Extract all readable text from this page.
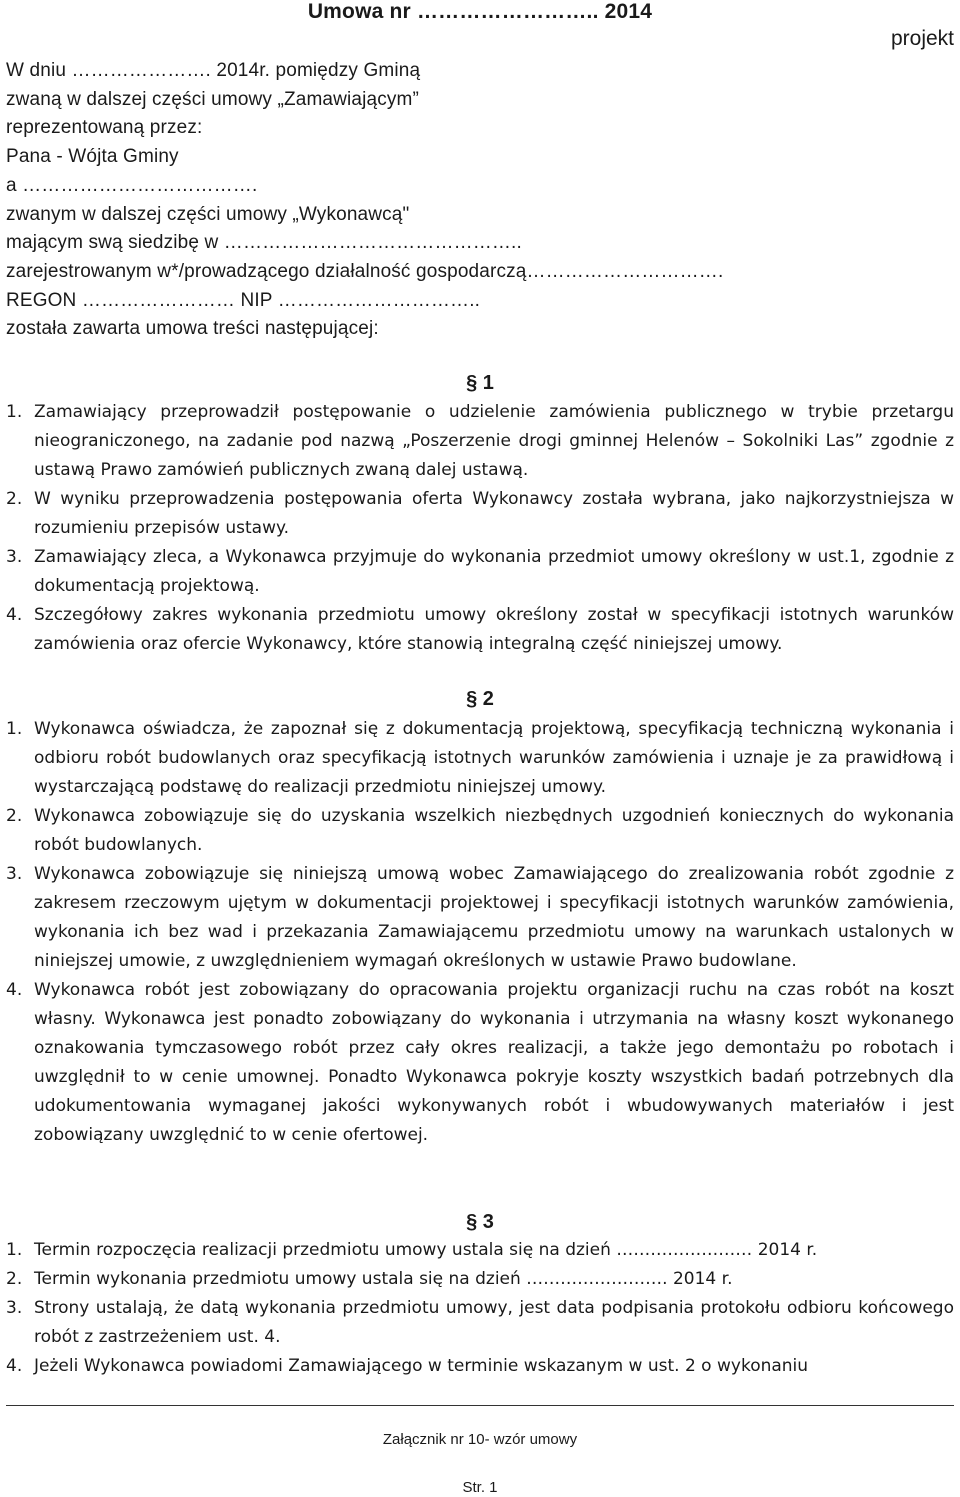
Umowa nr …………………….. 2014
projekt
W dniu …………………. 2014r. pomiędzy Gminą
zwaną w dalszej części umowy „Zamawiającym”
reprezentowaną przez:
Pana - Wójta Gminy
a ……………………………….
zwanym w dalszej części umowy „Wykonawcą"
mającym swą siedzibę w ………………………………………..
zarejestrowanym w*/prowadzącego działalność gospodarczą………………………….
REGON …………………… NIP …………………………..
została zawarta umowa treści następującej:
§ 1
1. Zamawiający przeprowadził postępowanie o udzielenie zamówienia publicznego w trybie przetargu nieograniczonego, na zadanie pod nazwą „Poszerzenie drogi gminnej Helenów – Sokolniki Las” zgodnie z ustawą Prawo zamówień publicznych zwaną dalej ustawą.
2. W wyniku przeprowadzenia postępowania oferta Wykonawcy została wybrana, jako najkorzystniejsza w rozumieniu przepisów ustawy.
3. Zamawiający zleca, a Wykonawca przyjmuje do wykonania przedmiot umowy określony w ust.1, zgodnie z dokumentacją projektową.
4. Szczegółowy zakres wykonania przedmiotu umowy określony został w specyfikacji istotnych warunków zamówienia oraz ofercie Wykonawcy, które stanowią integralną część niniejszej umowy.
§ 2
1. Wykonawca oświadcza, że zapoznał się z dokumentacją projektową, specyfikacją techniczną wykonania i odbioru robót budowlanych oraz specyfikacją istotnych warunków zamówienia i uznaje je za prawidłową i wystarczającą podstawę do realizacji przedmiotu niniejszej umowy.
2. Wykonawca zobowiązuje się do uzyskania wszelkich niezbędnych uzgodnień koniecznych do wykonania robót budowlanych.
3. Wykonawca zobowiązuje się niniejszą umową wobec Zamawiającego do zrealizowania robót zgodnie z zakresem rzeczowym ujętym w dokumentacji projektowej i specyfikacji istotnych warunków zamówienia, wykonania ich bez wad i przekazania Zamawiającemu przedmiotu umowy na warunkach ustalonych w niniejszej umowie, z uwzględnieniem wymagań określonych w ustawie Prawo budowlane.
4. Wykonawca robót jest zobowiązany do opracowania projektu organizacji ruchu na czas robót na koszt własny. Wykonawca jest ponadto zobowiązany do wykonania i utrzymania na własny koszt wykonanego oznakowania tymczasowego robót przez cały okres realizacji, a także jego demontażu po robotach i uwzględnił to w cenie umownej. Ponadto Wykonawca pokryje koszty wszystkich badań potrzebnych dla udokumentowania wymaganej jakości wykonywanych robót i wbudowywanych materiałów i jest zobowiązany uwzględnić to w cenie ofertowej.
§ 3
1. Termin rozpoczęcia realizacji przedmiotu umowy ustala się na dzień …………………… 2014 r.
2. Termin wykonania przedmiotu umowy ustala się na dzień ……………………. 2014 r.
3. Strony ustalają, że datą wykonania przedmiotu umowy, jest data podpisania protokołu odbioru końcowego robót z zastrzeżeniem ust. 4.
4. Jeżeli Wykonawca powiadomi Zamawiającego w terminie wskazanym w ust. 2 o wykonaniu
Załącznik nr 10- wzór umowy
Str. 1
